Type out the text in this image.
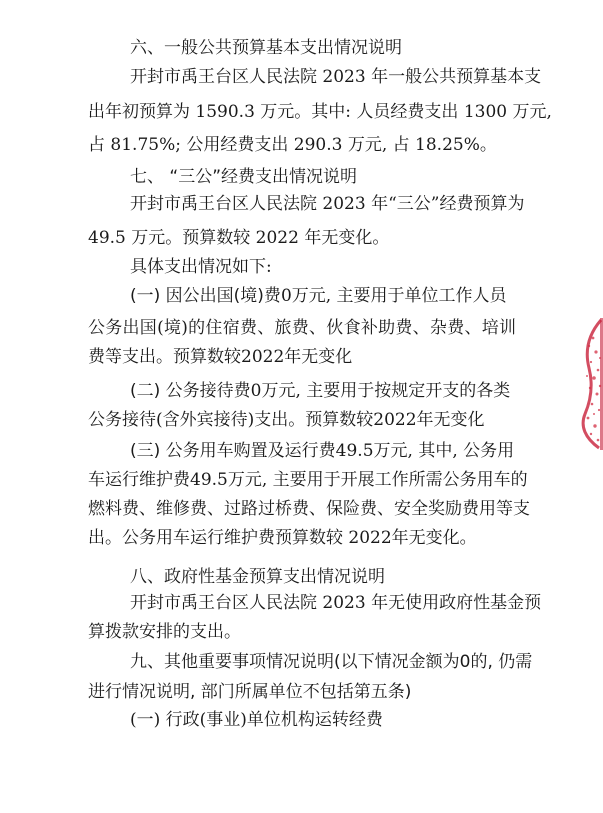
六、一般公共预算基本支出情况说明
开封市禹王台区人民法院 2023 年一般公共预算基本支
出年初预算为 1590.3 万元。其中: 人员经费支出 1300 万元,
占 81.75%; 公用经费支出 290.3 万元, 占 18.25%。
七、 “三公”经费支出情况说明
开封市禹王台区人民法院 2023 年“三公”经费预算为
49.5 万元。预算数较 2022 年无变化。
具体支出情况如下:
(一) 因公出国(境)费0万元, 主要用于单位工作人员
公务出国(境)的住宿费、旅费、伙食补助费、杂费、培训
费等支出。预算数较2022年无变化
(二) 公务接待费0万元, 主要用于按规定开支的各类
公务接待(含外宾接待)支出。预算数较2022年无变化
(三) 公务用车购置及运行费49.5万元, 其中, 公务用
车运行维护费49.5万元, 主要用于开展工作所需公务用车的
燃料费、维修费、过路过桥费、保险费、安全奖励费用等支
出。公务用车运行维护费预算数较 2022年无变化。
八、政府性基金预算支出情况说明
开封市禹王台区人民法院 2023 年无使用政府性基金预
算拨款安排的支出。
九、其他重要事项情况说明(以下情况金额为0的, 仍需
进行情况说明, 部门所属单位不包括第五条)
(一) 行政(事业)单位机构运转经费
